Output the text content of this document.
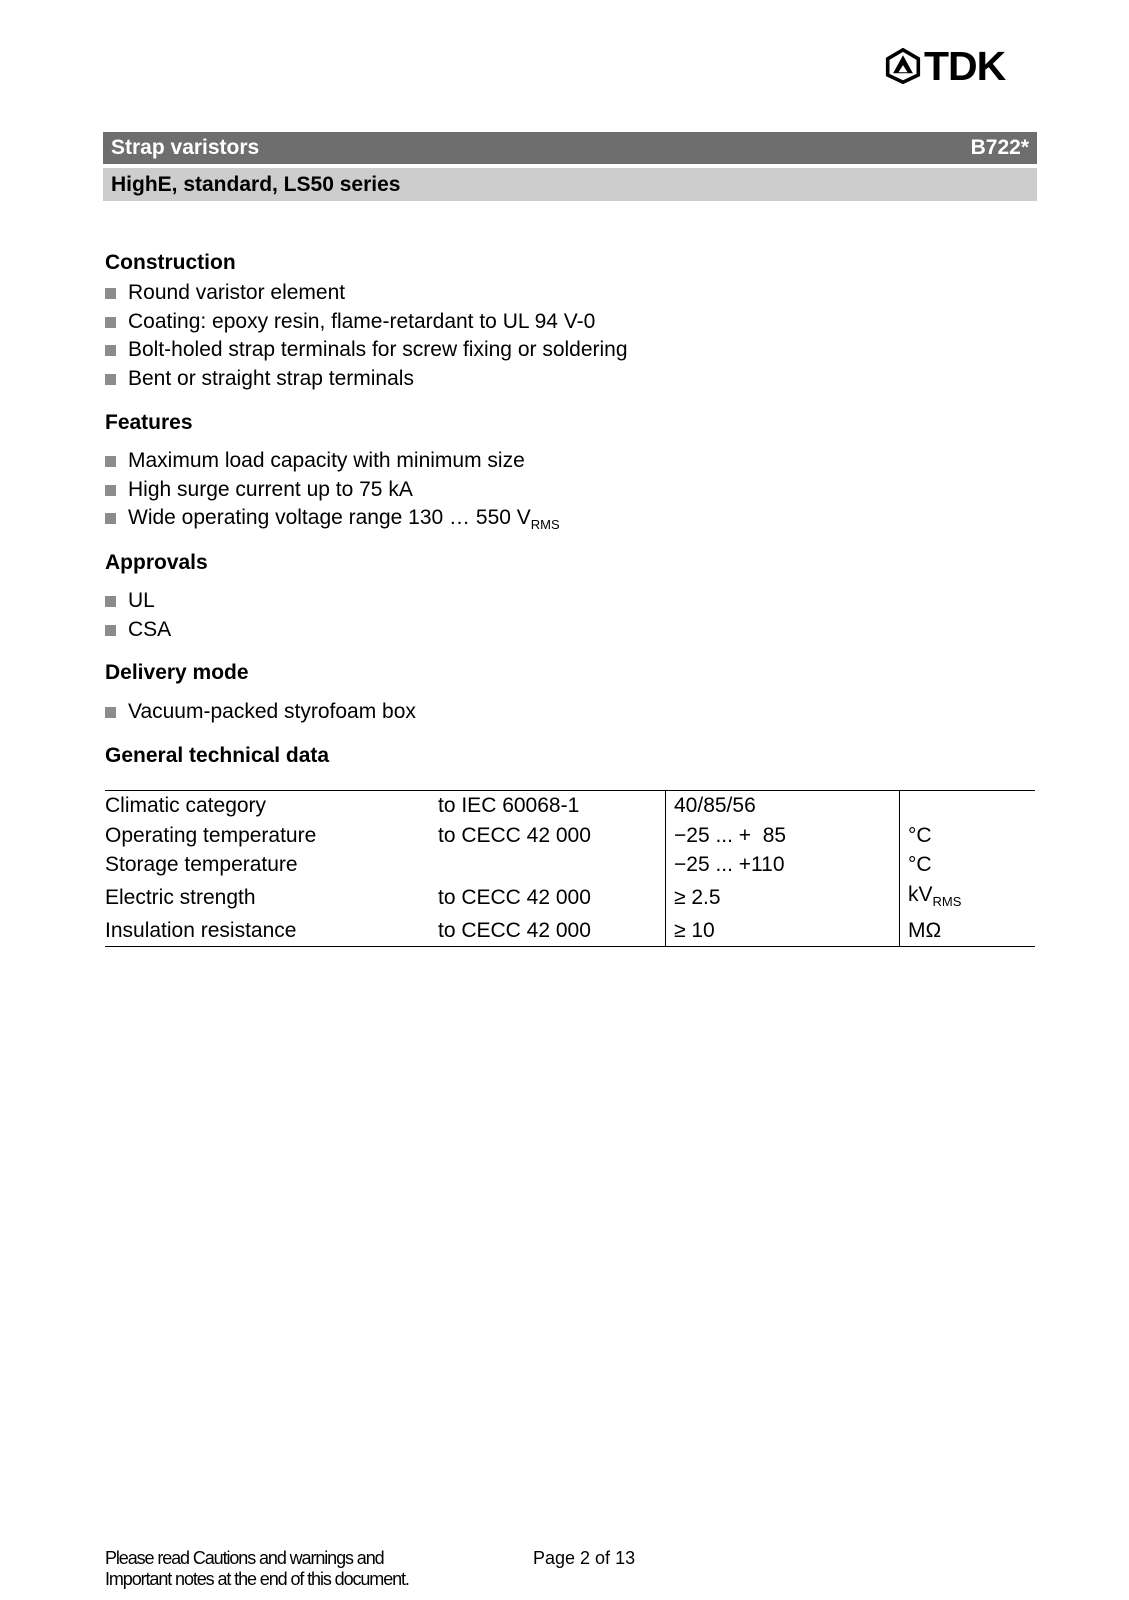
TDK
Strap varistors	B722*
HighE, standard, LS50 series
Construction
Round varistor element
Coating: epoxy resin, flame-retardant to UL 94 V-0
Bolt-holed strap terminals for screw fixing or soldering
Bent or straight strap terminals
Features
Maximum load capacity with minimum size
High surge current up to 75 kA
Wide operating voltage range 130 … 550 $V_{RMS}$
Approvals
UL
CSA
Delivery mode
Vacuum-packed styrofoam box
General technical data
Climatic category	to IEC 60068-1	40/85/56	
Operating temperature	to CECC 42 000	−25 ... +  85	°C
Storage temperature		−25 ... +110	°C
Electric strength	to CECC 42 000	≥ 2.5	$kV_{RMS}$
Insulation resistance	to CECC 42 000	≥ 10	MΩ
Please read Cautions and warnings and
Important notes at the end of this document.
Page 2 of 13
